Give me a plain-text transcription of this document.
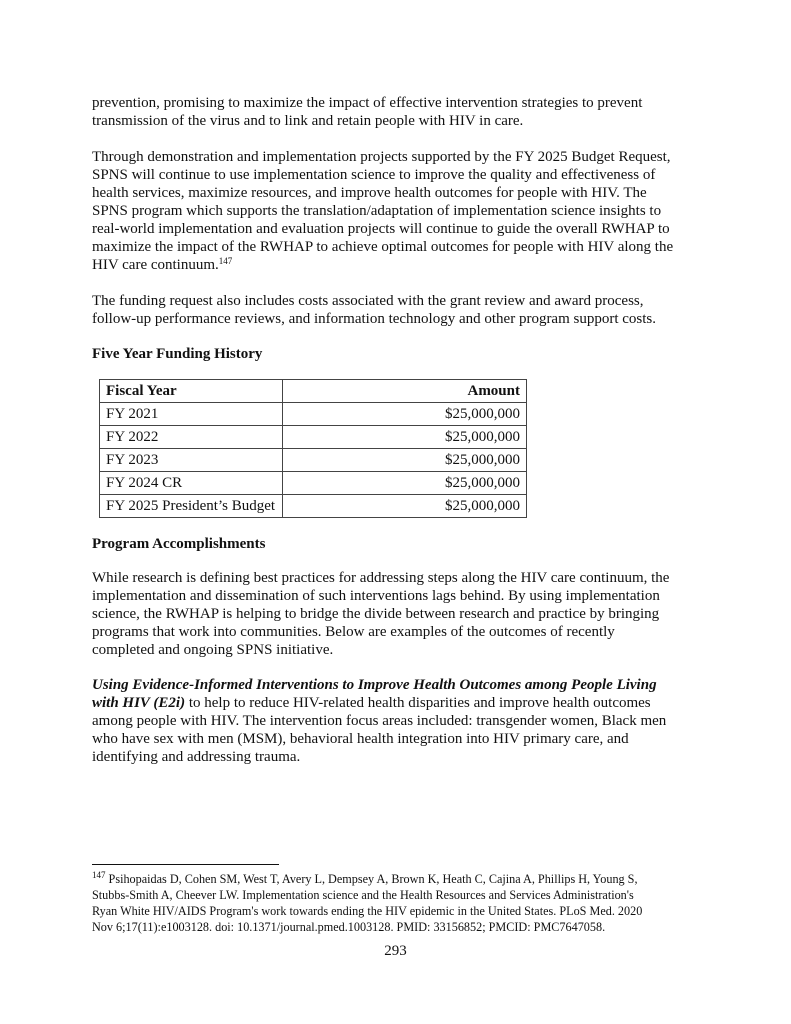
prevention, promising to maximize the impact of effective intervention strategies to prevent
transmission of the virus and to link and retain people with HIV in care.
Through demonstration and implementation projects supported by the FY 2025 Budget Request,
SPNS will continue to use implementation science to improve the quality and effectiveness of
health services, maximize resources, and improve health outcomes for people with HIV. The
SPNS program which supports the translation/adaptation of implementation science insights to
real-world implementation and evaluation projects will continue to guide the overall RWHAP to
maximize the impact of the RWHAP to achieve optimal outcomes for people with HIV along the
HIV care continuum.$^{147}$
The funding request also includes costs associated with the grant review and award process,
follow-up performance reviews, and information technology and other program support costs.
Five Year Funding History
Fiscal Year	Amount
FY 2021	$25,000,000
FY 2022	$25,000,000
FY 2023	$25,000,000
FY 2024 CR	$25,000,000
FY 2025 President’s Budget	$25,000,000
Program Accomplishments
While research is defining best practices for addressing steps along the HIV care continuum, the
implementation and dissemination of such interventions lags behind. By using implementation
science, the RWHAP is helping to bridge the divide between research and practice by bringing
programs that work into communities. Below are examples of the outcomes of recently
completed and ongoing SPNS initiative.
Using Evidence-Informed Interventions to Improve Health Outcomes among People Living
with HIV (E2i) to help to reduce HIV-related health disparities and improve health outcomes
among people with HIV. The intervention focus areas included: transgender women, Black men
who have sex with men (MSM), behavioral health integration into HIV primary care, and
identifying and addressing trauma.
$^{147}$ Psihopaidas D, Cohen SM, West T, Avery L, Dempsey A, Brown K, Heath C, Cajina A, Phillips H, Young S,
Stubbs-Smith A, Cheever LW. Implementation science and the Health Resources and Services Administration's
Ryan White HIV/AIDS Program's work towards ending the HIV epidemic in the United States. PLoS Med. 2020
Nov 6;17(11):e1003128. doi: 10.1371/journal.pmed.1003128. PMID: 33156852; PMCID: PMC7647058.
293
